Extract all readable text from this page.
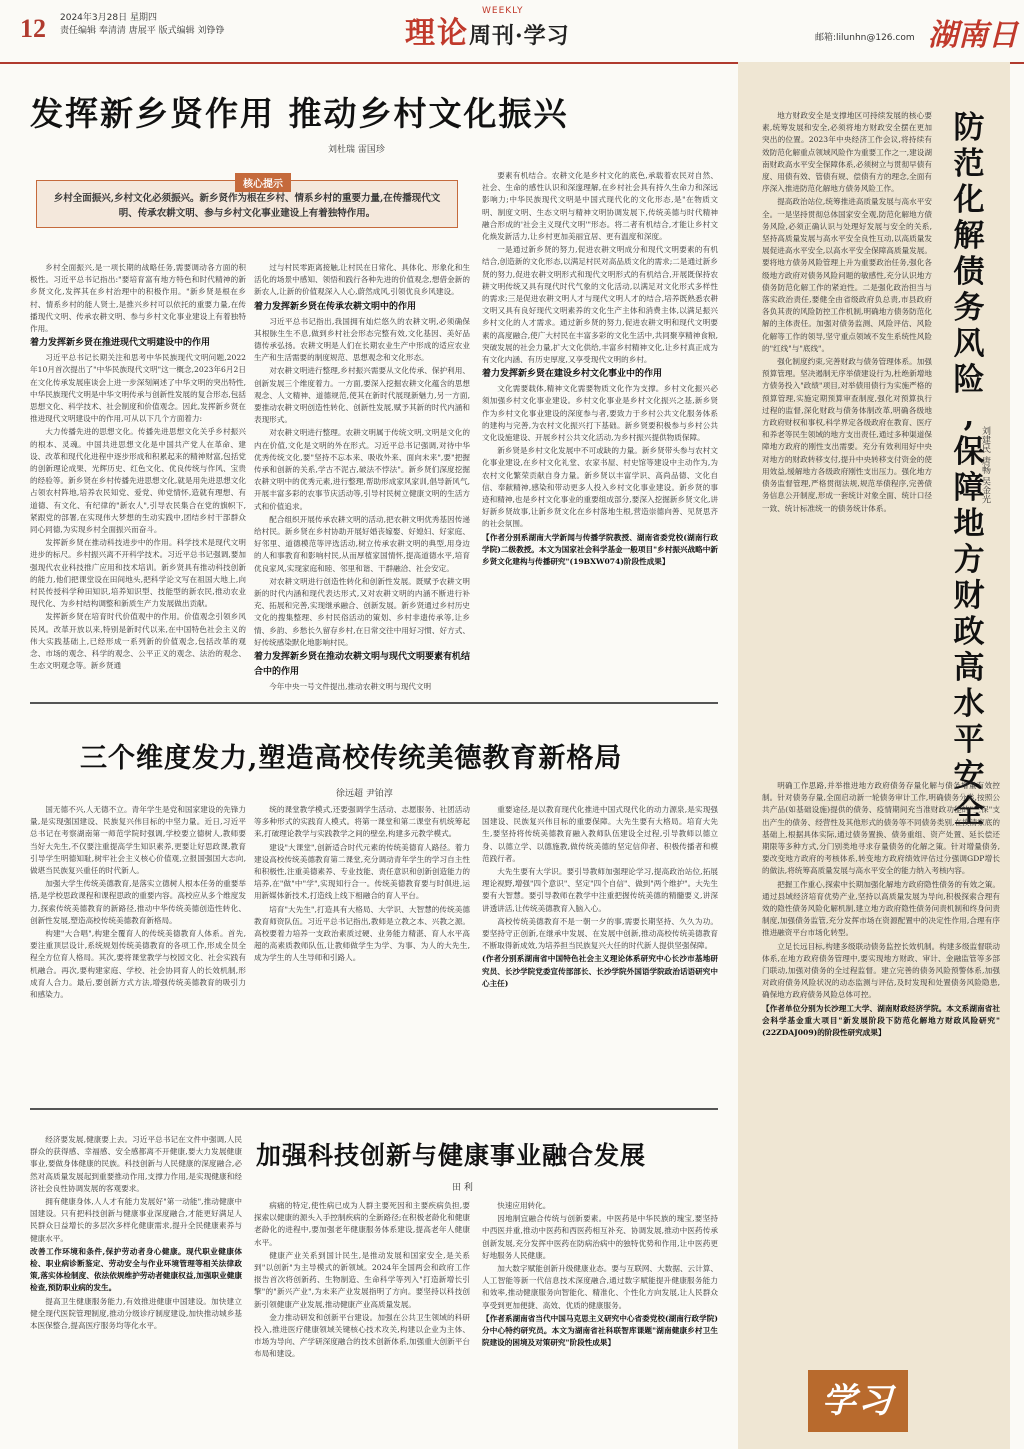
12 2024年3月28日 星期四
责任编辑 奉清清 唐展平 版式编辑 刘铮铮
WEEKLY
理论周刊·学习	邮箱:lilunhn@126.com 湖南日
发挥新乡贤作用 推动乡村文化振兴
刘杜瑞 雷国珍
核心提示
乡村全面振兴,乡村文化必须振兴。新乡贤作为根在乡村、情系乡村的重要力量,在传播现代文明、传承农耕文明、参与乡村文化事业建设上有着独特作用。

乡村全面振兴,是一项长期的战略任务,需要调动各方面的积极性。习近平总书记指出:"要培育富有地方特色和时代精神的新乡贤文化,发挥其在乡村治理中的积极作用。"新乡贤是根在乡村、情系乡村的能人贤士,是推兴乡村可以依托的重要力量,在传播现代文明、传承农耕文明、参与乡村文化事业建设上有着独特作用。

着力发挥新乡贤在推进现代文明建设中的作用

习近平总书记长期关注和思考中华民族现代文明问题,2022年10月首次提出了"中华民族现代文明"这一概念,2023年6月2日在文化传承发展座谈会上进一步深刻阐述了中华文明的突出特性,中华民族现代文明是中华文明传承与创新性发展的复合形态,包括思想文化、科学技术、社会制度和价值观念。因此,发挥新乡贤在推进现代文明建设中的作用,可从以下几个方面着力:

大力传播先进的思想文化。传播先进思想文化关乎乡村振兴的根本、灵魂。中国共进思想文化是中国共产党人在革命、建设、改革和现代化进程中逐步形成和积累起来的精神财富,包括党的创新理论成果、光辉历史、红色文化、优良传统与作风、宝贵的经验等。新乡贤在乡村传播先进思想文化,就是用先进思想文化占领农村阵地,培养农民知党、爱党、帅党情怀,造就有理想、有道德、有文化、有纪律的"新农人",引导农民集合在党的旗帜下,紧跟党的部署,在实现伟大梦想的生动实践中,团结乡村干部群众同心同德,为实现乡村全面振兴而奋斗。

发挥新乡贤在推动科技进步中的作用。科学技术是现代文明进步的标尺。乡村振兴离不开科学技术。习近平总书记强调,要加强现代农业科技推广应用和技术培训。新乡贤具有推动科技创新的能力,他们把课堂设在田间地头,把科学论文写在祖国大地上,向村民传授科学种田知识,培养知识型、技能型的新农民,推动农业现代化、为乡村结构调整和新质生产力发展做出贡献。

发挥新乡贤在培育时代价值观中的作用。价值观念引领乡风民风。改革开放以来,特别是新时代以来,在中国特色社会主义的伟大实践基础上,已经形成一系列新的价值观念,包括改革的观念、市场的观念、科学的观念、公平正义的观念、法治的观念、生态文明观念等。新乡贤通

过与村民零距离接触,让村民在日常化、具体化、形象化和生活化的场景中感知、领悟和践行各种先进的价值观念,想借金新的新农人,让新的价值观深入人心,蔚然成风,引领优良乡风建设。

着力发挥新乡贤在传承农耕文明中的作用

习近平总书记指出,我国拥有灿烂悠久的农耕文明,必须确保其根脉生生不息,做到乡村社会形态完整有效,文化基因、美好品德传承弘扬。农耕文明是人们在长期农业生产中形成的适应农业生产和生活需要的制度规范、思想观念和文化形态。

对农耕文明进行整理,乡村振兴需要从文化传承、保护利用、创新发展三个维度着力。一方面,要深入挖掘农耕文化蕴含的思想观念、人文精神、道德规范,使其在新时代展现新魅力,另一方面,要推动农耕文明创造性转化、创新性发展,赋予其新的时代内涵和表现形式。

对农耕文明进行整理。农耕文明属于传统文明,文明是文化的内在价值,文化是文明的外在形式。习近平总书记强调,对待中华优秀传统文化,要"坚持不忘本来、吸收外来、面向未来",要"把握传承和创新的关系,学古不泥古,破法不悖法"。新乡贤们深度挖掘农耕文明中的优秀元素,进行整理,帮助形成家风家训,倡导新风气,开展丰富多彩的农事节庆活动等,引导村民树立健康文明的生活方式和价值追求。

配合组织开展传承农耕文明的活动,把农耕文明优秀基因传递给村民。新乡贤在乡村协助开展好婚丧嫁娶、好媳妇、好家庭、好邻里、道德模范等评选活动,树立传承农耕文明的典型,用身边的人和事教育和影响村民,从而厚植家国情怀,提高道德水平,培育优良家风,实现家庭和睦、邻里和谐、干群融洽、社会安定。

对农耕文明进行创造性转化和创新性发展。既赋予农耕文明新的时代内涵和现代表达形式,又对农耕文明的内涵不断进行补充、拓展和完善,实现继承融合、创新发展。新乡贤通过乡村历史文化的搜集整理、乡村民俗活动的策划、乡村非遗传承等,让乡情、乡韵、乡愁长久留存乡村,在日常交往中用好习惯、好方式、好传统感染默化地影响村民。

着力发挥新乡贤在推动农耕文明与现代文明要素有机结合中的作用

今年中央一号文件提出,推动农耕文明与现代文明

要素有机结合。农耕文化是乡村文化的底色,承载着农民对自然、社会、生命的感性认识和深邃理解,在乡村社会具有持久生命力和深远影响力;中华民族现代文明是中国式现代化的文化形态,是"在物质文明、制度文明、生态文明与精神文明协调发展下,传统美德与时代精神融合形成的'社会主义现代文明'"形态。将二者有机结合,才能让乡村文化焕发新活力,让乡村更加美丽宜居、更有温度和深度。

一是通过新乡贤的努力,促进农耕文明成分和现代文明要素的有机结合,创造新的文化形态,以满足村民对高品质文化的需求;二是通过新乡贤的努力,促进农耕文明形式和现代文明形式的有机结合,开展既保持农耕文明传统又具有现代时代气象的文化活动,以满足对文化形式多样性的需求;三是促进农耕文明人才与现代文明人才的结合,培养既熟悉农耕文明又具有良好现代文明素养的文化生产主体和消费主体,以满足振兴乡村文化的人才需求。通过新乡贤的努力,促进农耕文明和现代文明要素的高度融合,使广大村民在丰富多彩的文化生活中,共同聚享精神食粮,突破发展的社会力量,扩大文化供给,丰富乡村精神文化,让乡村真正成为有文化内涵、有历史厚度,又享受现代文明的乡村。

着力发挥新乡贤在建设乡村文化事业中的作用

文化需要载体,精神文化需要物质文化作为支撑。乡村文化振兴必须加强乡村文化事业建设。乡村文化事业是乡村文化振兴之基,新乡贤作为乡村文化事业建设的深度参与者,要致力于乡村公共文化服务体系的建构与完善,为农村文化振兴打下基础。新乡贤要积极参与乡村公共文化设施建设、开展乡村公共文化活动,为乡村振兴提供物质保障。

新乡贤是乡村文化发展中不可或缺的力量。新乡贤带头参与农村文化事业建设,在乡村文化礼堂、农家书屋、村史馆等建设中主动作为,为农村文化繁荣贡献自身力量。新乡贤以丰富学识、高尚品德、文化自信、奉献精神,感染和带动更多人投入乡村文化事业建设。新乡贤的事迹和精神,也是乡村文化事业的重要组成部分,要深入挖掘新乡贤文化,讲好新乡贤故事,让新乡贤文化在乡村落地生根,营造崇德向善、见贤思齐的社会氛围。

【作者分别系湖南大学新闻与传播学院教授、湖南省委党校(湖南行政学院)二级教授。本文为国家社会科学基金一般项目"乡村振兴战略中新乡贤文化建构与传播研究"(19BXW074)阶段性成果】

三个维度发力,塑造高校传统美德教育新格局
徐远超 尹铂淳

国无德不兴,人无德不立。青年学生是党和国家建设的先锋力量,是实现强国建设、民族复兴伟目标的中坚力量。近日,习近平总书记在考察湖南第一师范学院时强调,学校要立德树人,教师要当好大先生,不仅要注重提高学生知识素养,更要让好思政课,教育引导学生明德知耻,树牢社会主义核心价值观,立报国强国大志向,做堪当民族复兴重任的时代新人。

加强大学生传统美德教育,是落实立德树人根本任务的重要举措,是学校思政课程和课程思政的重要内容。高校应从多个维度发力,探索传统美德教育的新路径,推动中华传统美德创造性转化、创新性发展,塑造高校传统美德教育新格局。

构建"大合唱",构建全覆育人的传统美德教育人体系。首先,要注重顶层设计,系统规划传统美德教育的各项工作,形成全员全程全方位育人格局。其次,要将课堂教学与校园文化、社会实践有机融合。再次,要构建家庭、学校、社会协同育人的长效机制,形成育人合力。最后,要创新方式方法,增强传统美德教育的吸引力和感染力。

统的课堂教学模式,还要强调学生活动、志愿服务、社团活动等多种形式的实践育人模式。将第一课堂和第二课堂有机统筹起来,打破理论教学与实践教学之间的壁垒,构建多元教学模式。

建设"大课堂",创新适合时代元素的传统美德育人路径。着力建设高校传统美德教育第二课堂,充分调动青年学生的学习自主性和积极性,注重美德素养、专业技能、责任意识和创新创造能力的培养,在"做"中"学",实现知行合一。传统美德教育要与时俱进,运用新媒体新技术,打造线上线下相融合的育人平台。

培育"大先生",打造具有大格局、大学识、大智慧的传统美德教育师资队伍。习近平总书记指出,教师是立教之本、兴教之源。高校要着力培养一支政治素质过硬、业务能力精湛、育人水平高超的高素质教师队伍,让教师做学生为学、为事、为人的大先生,成为学生的人生导师和引路人。

重要途径,是以教育现代化推进中国式现代化的动力源泉,是实现强国建设、民族复兴伟目标的重要保障。大先生要有大格局。培育大先生,要坚持将传统美德教育融入教师队伍建设全过程,引导教师以德立身、以德立学、以德施教,做传统美德的坚定信仰者、积极传播者和模范践行者。

大先生要有大学识。要引导教师加强理论学习,提高政治站位,拓展理论视野,增强"四个意识"、坚定"四个自信"、做到"两个维护"。大先生要有大智慧。要引导教师在教学中注重把握传统美德的精髓要义,讲深讲透讲活,让传统美德教育入脑入心。

高校传统美德教育不是一朝一夕的事,需要长期坚持、久久为功。要坚持守正创新,在继承中发展、在发展中创新,推动高校传统美德教育不断取得新成效,为培养担当民族复兴大任的时代新人提供坚强保障。

(作者分别系湖南省中国特色社会主义理论体系研究中心长沙市基地研究员、长沙学院党委宣传部部长、长沙学院外国语学院政治话语研究中心主任)

加强科技创新与健康事业融合发展
田 利

经济要发展,健康要上去。习近平总书记在文件中强调,人民群众的获得感、幸福感、安全感都离不开健康,要大力发展健康事业,要做身体健康的民族。科技创新与人民健康的深度融合,必然对高质量发展起到重要推动作用,支撑力作用,是实现健康和经济社会良性协调发展的客观要求。

拥有健康身体,人人才有能力发展好"第一动能",推动健康中国建设。只有把科技创新与健康事业深度融合,才能更好满足人民群众日益增长的多层次多样化健康需求,提升全民健康素养与健康水平。

改善工作环境和条件,保护劳动者身心健康。现代职业健康体检、职业病诊断鉴定、劳动安全与作业环境管理等相关法律政策,落实体检制度、依法依规维护劳动者健康权益,加强职业健康检查,预防职业病的发生。

提高卫生健康服务能力,有效推进健康中国建设。加快建立健全现代医院管理制度,推动分级诊疗制度建设,加快推动城乡基本医保整合,提高医疗服务均等化水平。

病痛的特定,使性病已成为人群主要死因和主要疾病负担,要探索以健康的源头入手控制疾病的全新路径;在积极老龄化和健康老龄化的进程中,要加强老年健康服务体系建设,提高老年人健康水平。

健康产业关系到国计民生,是推动发展和国家安全,是关系到"以创新"为主导模式的新领域。2024年全国两会和政府工作报告首次将创新药、生物制造、生命科学等列入"打造新增长引擎"的"新兴产业",为未来产业发展指明了方向。要坚持以科技创新引领健康产业发展,推动健康产业高质量发展。

金力推动研发和创新平台建设。加强在公共卫生领域的科研投入,推进医疗健康领域关键核心技术攻关,构建以企业为主体、市场为导向、产学研深度融合的技术创新体系,加强重大创新平台布局和建设。

快速应用转化。

因地制宜融合传统与创新要素。中医药是中华民族的瑰宝,要坚持中西医并重,推动中医药和西医药相互补充、协调发展,推动中医药传承创新发展,充分发挥中医药在防病治病中的独特优势和作用,让中医药更好地服务人民健康。

加大数字赋能创新升级健康业态。要与互联网、大数据、云计算、人工智能等新一代信息技术深度融合,通过数字赋能提升健康服务能力和效率,推动健康服务向智能化、精准化、个性化方向发展,让人民群众享受到更加便捷、高效、优质的健康服务。

【作者系湖南省当代中国马克思主义研究中心省委党校(湖南行政学院)分中心特约研究员。本文为湖南省社科联智库课题"湖南健康乡村卫生院建设的困境及对策研究"阶段性成果】

防
范
化
解
债
务
风
险
,
保
障
地
方
财
政
高
水
平
安
全

地方财政安全是支撑地区可持续发展的核心要素,统筹发展和安全,必须将地方财政安全摆在更加突出的位置。2023年中央经济工作会议,将持续有效防范化解重点领域风险作为重要工作之一,建设湖南财政高水平安全保障体系,必须树立与贯彻早债有度、用债有效、管债有规、偿债有方的理念,全面有序深入推进防范化解地方债务风险工作。

提高政治站位,统筹推进高质量发展与高水平安全。一是坚持贯彻总体国家安全观,防范化解地方债务风险,必须正确认识与处理好发展与安全的关系,坚持高质量发展与高水平安全良性互动,以高质量发展促进高水平安全,以高水平安全保障高质量发展。要将地方债务风险管理上升为重要政治任务,强化各级地方政府对债务风险问题的敏感性,充分认识地方债务防范化解工作的紧迫性。二是强化政治担当与落实政治责任,要健全由省级政府负总责,市县政府各负其责的风险防控工作机制,明确地方债务防范化解的主体责任。加强对债务监测、风险评估、风险化解等工作的领导,坚守重点领域不发生系统性风险的"红线"与"底线"。

强化制度约束,完善财政与债务管理体系。加强预算管理。坚决遏制无序举债建设行为,杜绝新增地方债务投入"政绩"项目,对举债用债行为实施严格的预算管理,实施定期预算审查制度,强化对预算执行过程的监督,深化财政与债务体制改革,明确各级地方政府财权和事权,科学界定各级政府在教育、医疗和养老等民生领域的地方支出责任,通过多种渠道保障地方政府的刚性支出需要。充分有效利用好中央对地方的财政转移支付,提升中央转移支付资金的使用效益,缓解地方各级政府刚性支出压力。强化地方债务监督管理,严格贯彻法规,规范举债程序,完善债务信息公开制度,形成一套统计对象全面、统计口径一致、统计标准统一的债务统计体系。

刘建民 唐畅 吴金光

明确工作思路,并举推进地方政府债务存量化解与债务增量有效控制。针对债务存量,全面启动新一轮债务审计工作,明确债务分类,按照公共产品(如基础设施)提供的债务、疫情期间充当准财政功能的"三保"支出产生的债务、经营性及其他形式的债务等不同债务类别,在摸清家底的基础上,根据具体实际,通过债务置换、债务重组、资产处置、延长偿还期限等多种方式,分门别类地寻求存量债务的化解之策。针对增量债务,要改变地方政府的考核体系,转变地方政府绩效评估过分强调GDP增长的做法,将统筹高质量发展与高水平安全的能力纳入考核内容。

把握工作重心,探索中长期加强化解地方政府隐性债务的有效之策。通过县域经济培育优势产业,坚持以高质量发展为导向,积极探索合理有效的隐性债务风险化解机制,建立地方政府隐性债务问责机制和终身问责制度,加强债务监管,充分发挥市场在资源配置中的决定性作用,合理有序推进融资平台市场化转型。

立足长远目标,构建多级联动债务监控长效机制。构建多级监督联动体系,在地方政府债务管理中,要实现地方财政、审计、金融监管等多部门联动,加强对债务的全过程监督。建立完善的债务风险预警体系,加强对政府债务风险状况的动态监测与评估,及时发现和处置债务风险隐患,确保地方政府债务风险总体可控。

【作者单位分别为长沙理工大学、湖南财政经济学院。本文系湖南省社会科学基金重大项目"新发展阶段下防范化解地方财政风险研究"(22ZDAJ009)的阶段性研究成果】

学习
